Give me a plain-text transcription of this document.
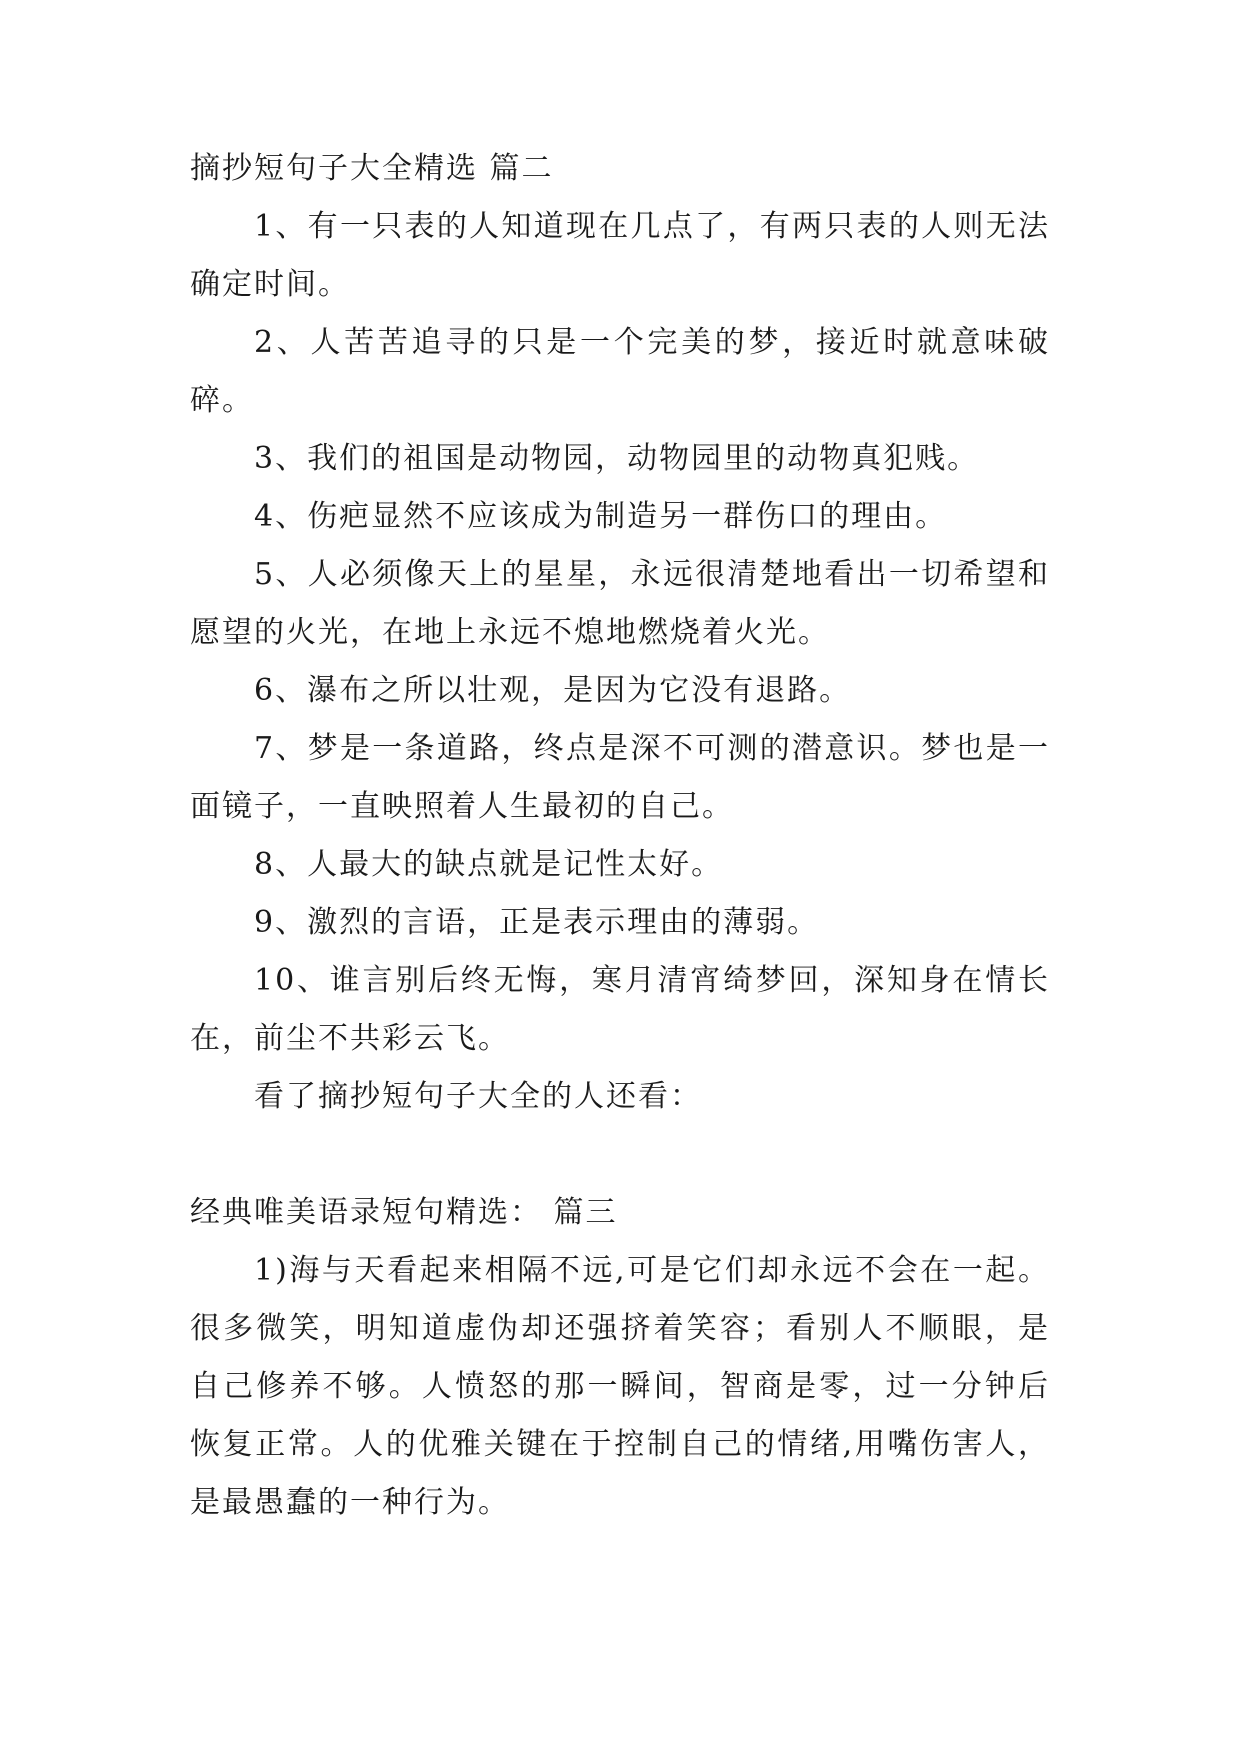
摘抄短句子大全精选 篇二

1、有一只表的人知道现在几点了，有两只表的人则无法确定时间。

2、人苦苦追寻的只是一个完美的梦，接近时就意味破碎。

3、我们的祖国是动物园，动物园里的动物真犯贱。

4、伤疤显然不应该成为制造另一群伤口的理由。

5、人必须像天上的星星，永远很清楚地看出一切希望和愿望的火光，在地上永远不熄地燃烧着火光。

6、瀑布之所以壮观，是因为它没有退路。

7、梦是一条道路，终点是深不可测的潜意识。梦也是一面镜子，一直映照着人生最初的自己。

8、人最大的缺点就是记性太好。

9、激烈的言语，正是表示理由的薄弱。

10、谁言别后终无悔，寒月清宵绮梦回，深知身在情长在，前尘不共彩云飞。

看了摘抄短句子大全的人还看：

经典唯美语录短句精选： 篇三

1)海与天看起来相隔不远,可是它们却永远不会在一起。很多微笑，明知道虚伪却还强挤着笑容；看别人不顺眼，是自己修养不够。人愤怒的那一瞬间，智商是零，过一分钟后恢复正常。人的优雅关键在于控制自己的情绪,用嘴伤害人，是最愚蠢的一种行为。
